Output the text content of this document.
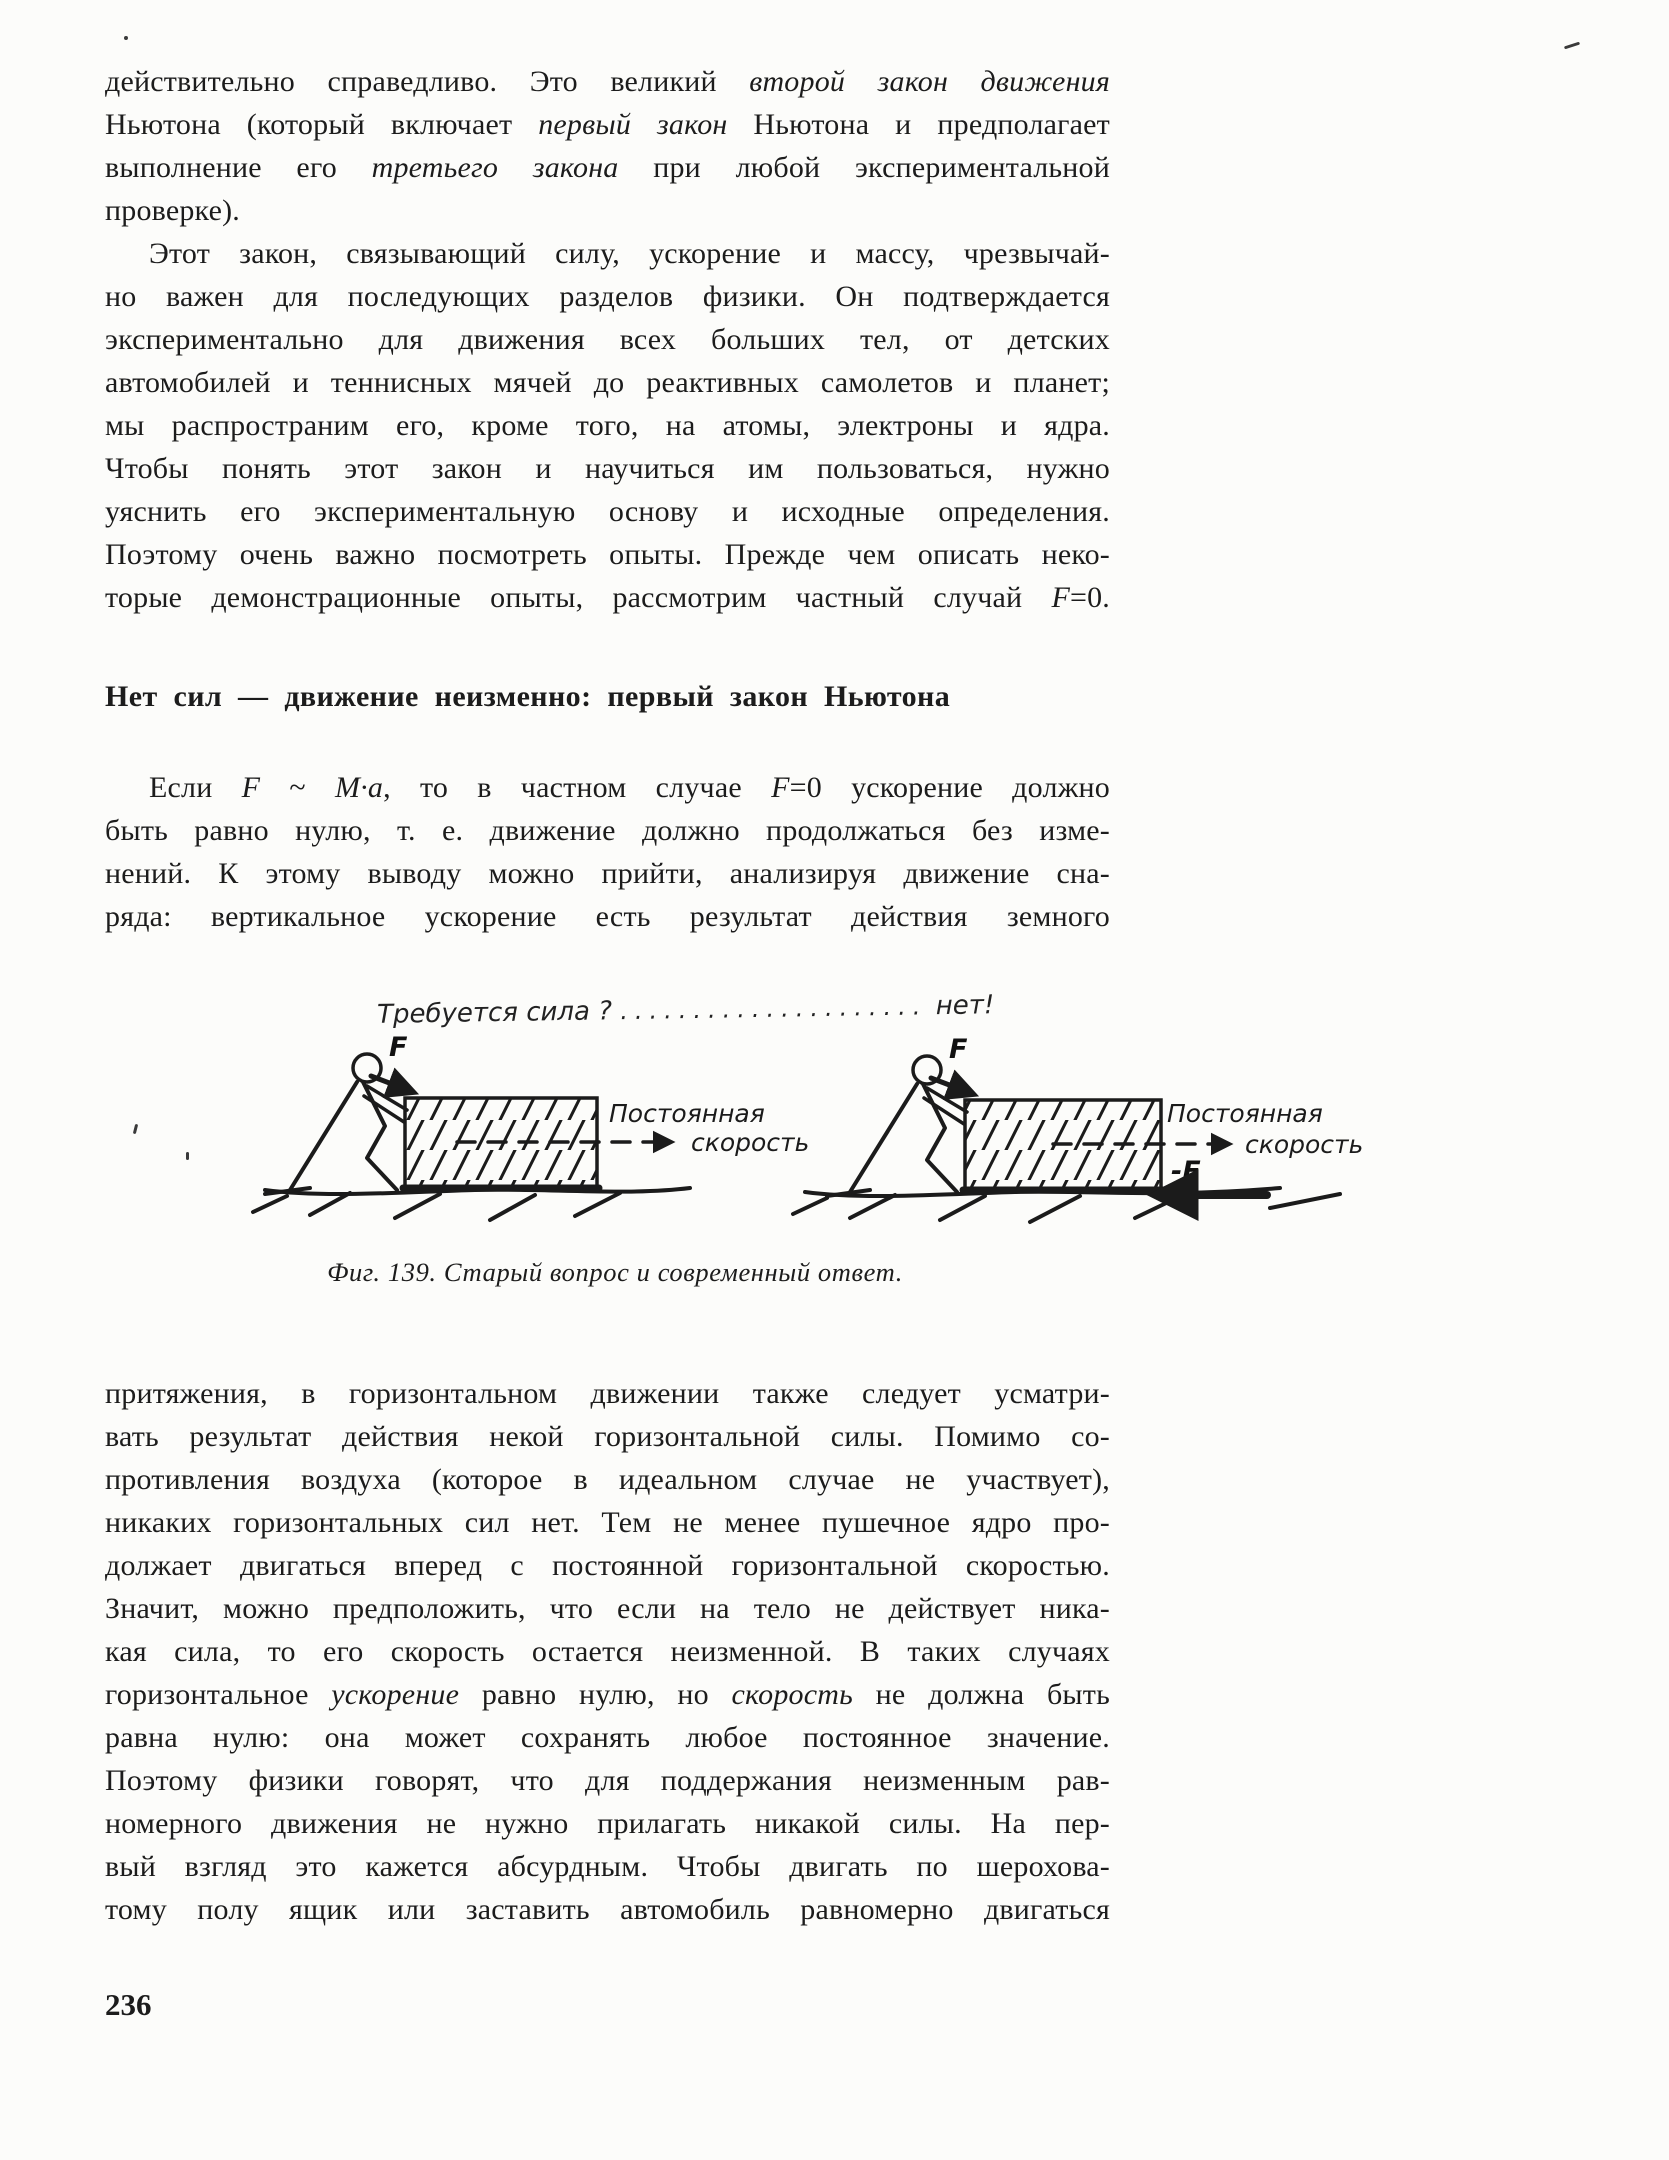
действительно справедливо. Это великий второй закон движения
Ньютона (который включает первый закон Ньютона и предполагает
выполнение его третьего закона при любой экспериментальной
проверке).
Этот закон, связывающий силу, ускорение и массу, чрезвычай-
но важен для последующих разделов физики. Он подтверждается
экспериментально для движения всех больших тел, от детских
автомобилей и теннисных мячей до реактивных самолетов и планет;
мы распространим его, кроме того, на атомы, электроны и ядра.
Чтобы понять этот закон и научиться им пользоваться, нужно
уяснить его экспериментальную основу и исходные определения.
Поэтому очень важно посмотреть опыты. Прежде чем описать неко-
торые демонстрационные опыты, рассмотрим частный случай F=0.
Нет сил — движение неизменно: первый закон Ньютона
Если F ~ M·a, то в частном случае F=0 ускорение должно
быть равно нулю, т. е. движение должно продолжаться без изме-
нений. К этому выводу можно прийти, анализируя движение сна-
ряда: вертикальное ускорение есть результат действия земного
Требуется сила ? ..................... нет!
F
Постоянная
скорость
F
Постоянная
скорость
-F
Фиг. 139. Старый вопрос и современный ответ.
притяжения, в горизонтальном движении также следует усматри-
вать результат действия некой горизонтальной силы. Помимо со-
противления воздуха (которое в идеальном случае не участвует),
никаких горизонтальных сил нет. Тем не менее пушечное ядро про-
должает двигаться вперед с постоянной горизонтальной скоростью.
Значит, можно предположить, что если на тело не действует ника-
кая сила, то его скорость остается неизменной. В таких случаях
горизонтальное ускорение равно нулю, но скорость не должна быть
равна нулю: она может сохранять любое постоянное значение.
Поэтому физики говорят, что для поддержания неизменным рав-
номерного движения не нужно прилагать никакой силы. На пер-
вый взгляд это кажется абсурдным. Чтобы двигать по шерохова-
тому полу ящик или заставить автомобиль равномерно двигаться
236
